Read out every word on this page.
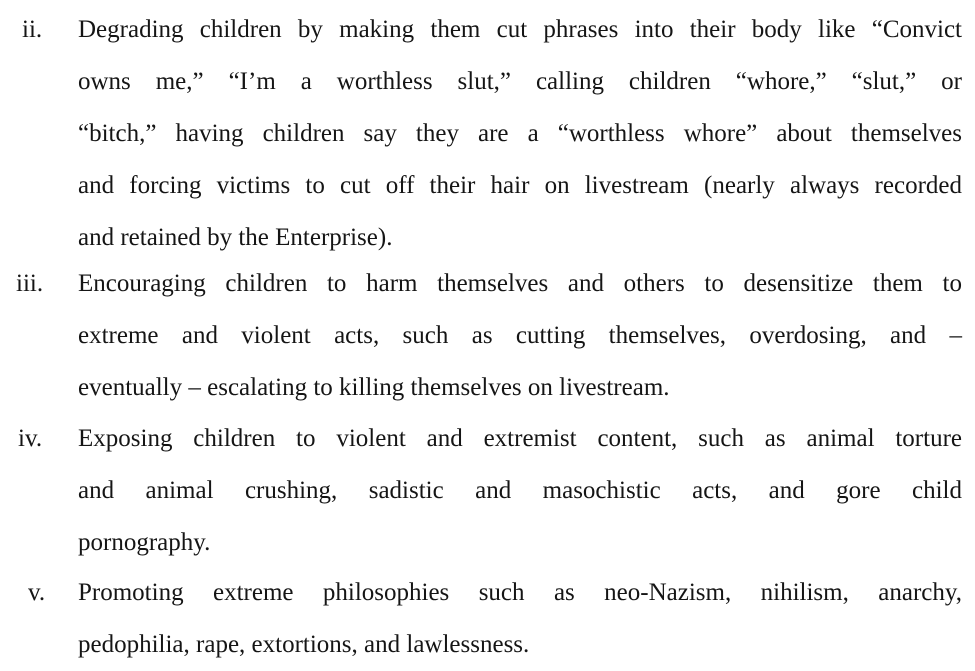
ii. Degrading children by making them cut phrases into their body like “Convict
owns me,” “I’m a worthless slut,” calling children “whore,” “slut,” or
“bitch,” having children say they are a “worthless whore” about themselves
and forcing victims to cut off their hair on livestream (nearly always recorded
and retained by the Enterprise).
iii. Encouraging children to harm themselves and others to desensitize them to
extreme and violent acts, such as cutting themselves, overdosing, and –
eventually – escalating to killing themselves on livestream.
iv. Exposing children to violent and extremist content, such as animal torture
and animal crushing, sadistic and masochistic acts, and gore child
pornography.
v. Promoting extreme philosophies such as neo-Nazism, nihilism, anarchy,
pedophilia, rape, extortions, and lawlessness.
